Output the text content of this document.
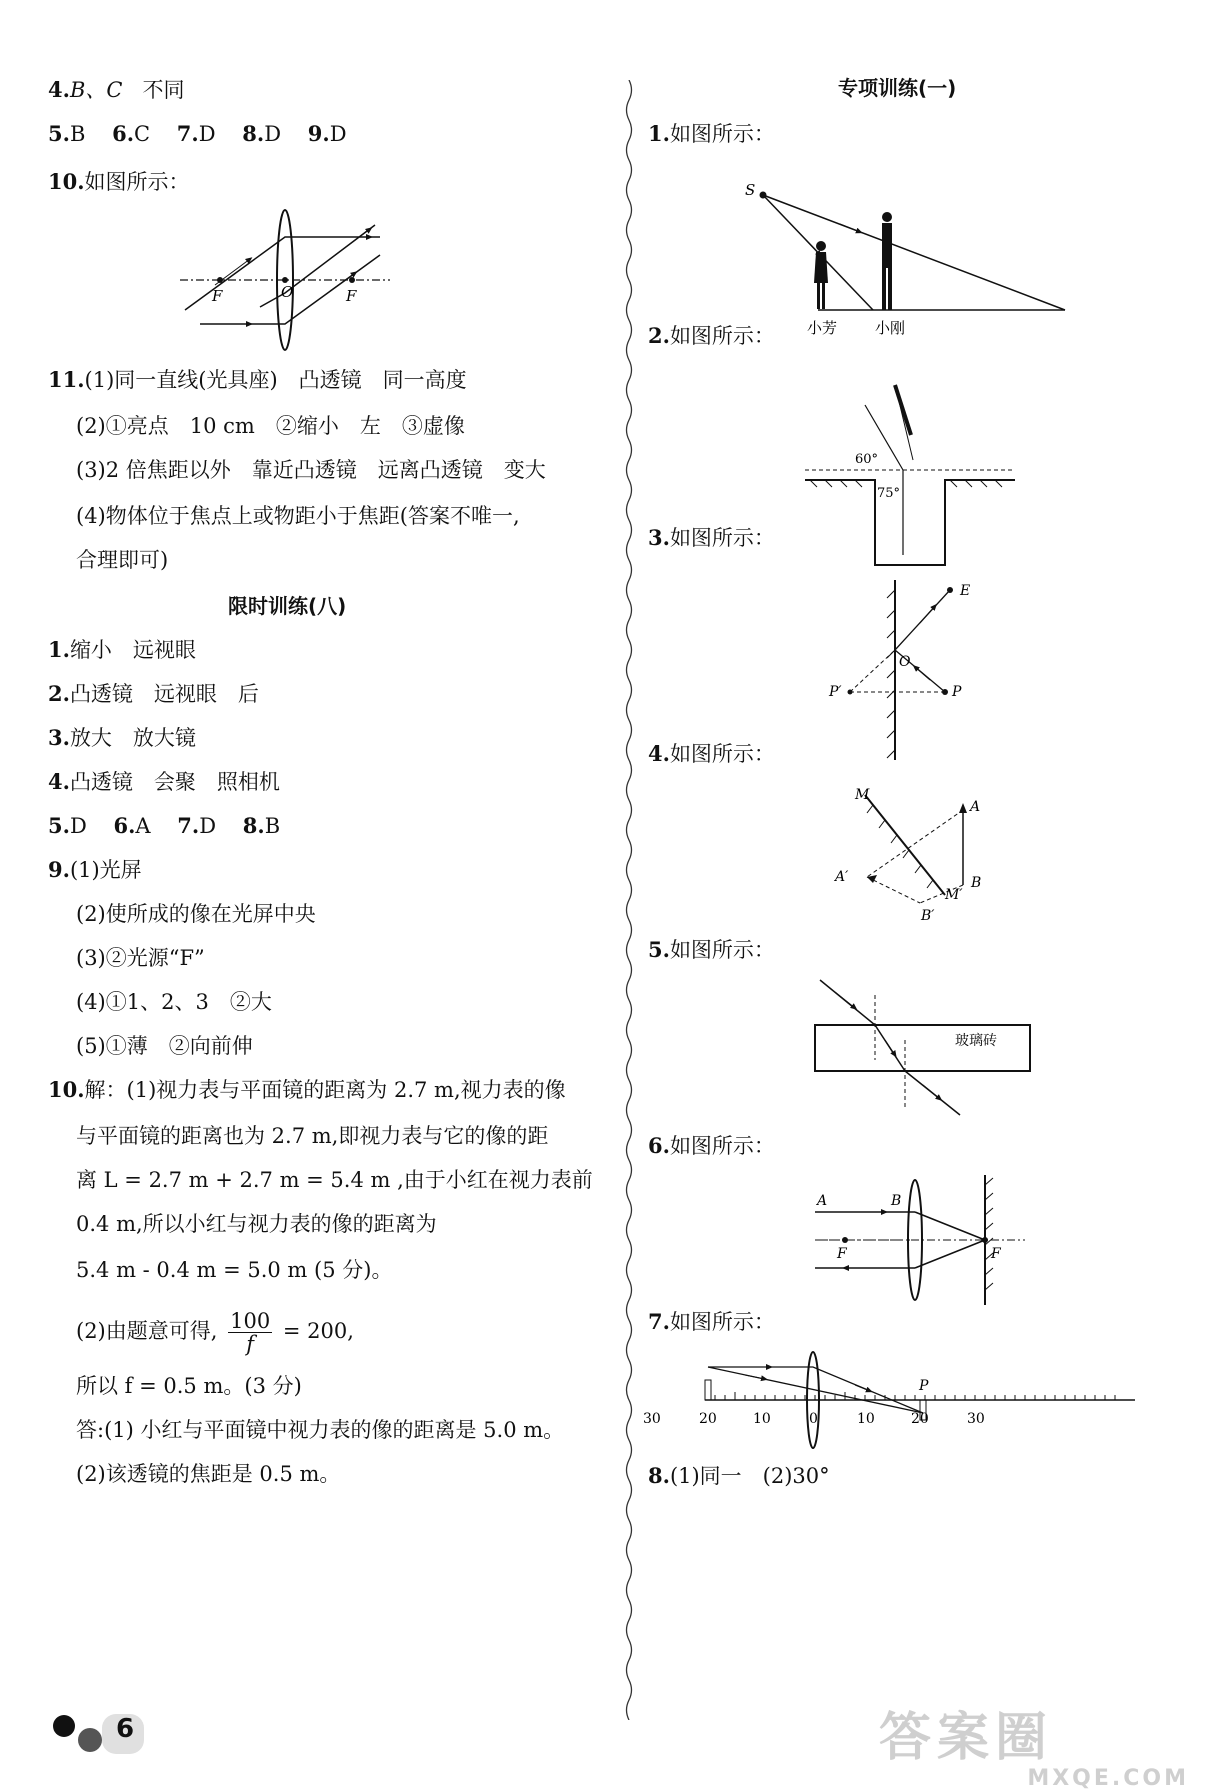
4.B、C 不同
5.B 6.C 7.D 8.D 9.D
10.如图所示：
F	O	F
11.(1)同一直线(光具座)　凸透镜　同一高度
(2)①亮点　10 cm　②缩小　左　③虚像
(3)2 倍焦距以外　靠近凸透镜　远离凸透镜　变大
(4)物体位于焦点上或物距小于焦距(答案不唯一,
合理即可)
限时训练(八)
1.缩小　远视眼
2.凸透镜　远视眼　后
3.放大　放大镜
4.凸透镜　会聚　照相机
5.D 6.A 7.D 8.B
9.(1)光屏
(2)使所成的像在光屏中央
(3)②光源“F”
(4)①1、2、3　②大
(5)①薄　②向前伸
10.解：(1)视力表与平面镜的距离为 2.7 m,视力表的像
与平面镜的距离也为 2.7 m,即视力表与它的像的距
离 L = 2.7 m + 2.7 m = 5.4 m ,由于小红在视力表前
0.4 m,所以小红与视力表的像的距离为
5.4 m - 0.4 m = 5.0 m (5 分)。
(2)由题意可得, $\frac{100}{f} = 200$,
所以 f = 0.5 m。(3 分)
答:(1) 小红与平面镜中视力表的像的距离是 5.0 m。
(2)该透镜的焦距是 0.5 m。
6
专项训练(一)
1.如图所示：
S
小芳	小刚
2.如图所示：
60°
75°
3.如图所示：
E
O
P′	P
4.如图所示：
M
A
A′	B
M′
B′
5.如图所示：
玻璃砖
6.如图所示：
A	B
F	F
7.如图所示：
P
30	20	10	0	10	20	30
8.(1)同一　(2)30°
答案圈
MXQE.COM
